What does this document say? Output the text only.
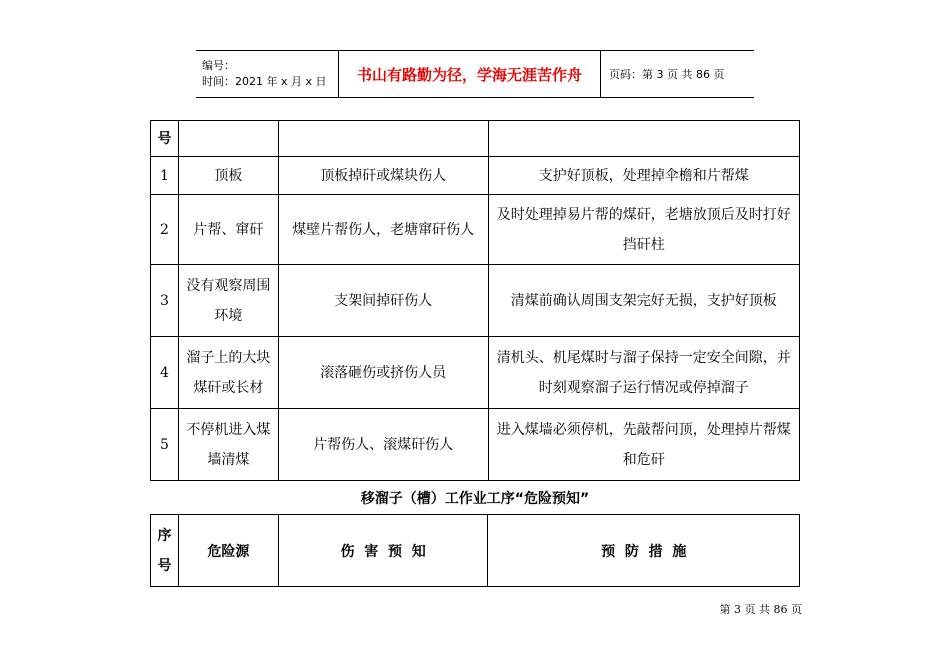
编号：
时间：2021 年 x 月 x 日	书山有路勤为径，学海无涯苦作舟	页码：第 3 页 共 86 页
号			
1	顶板	顶板掉矸或煤块伤人	支护好顶板，处理掉伞檐和片帮煤
2	片帮、窜矸	煤壁片帮伤人，老塘窜矸伤人	及时处理掉易片帮的煤矸，老塘放顶后及时打好挡矸柱
3	没有观察周围环境	支架间掉矸伤人	清煤前确认周围支架完好无损，支护好顶板
4	溜子上的大块煤矸或长材	滚落砸伤或挤伤人员	清机头、机尾煤时与溜子保持一定安全间隙，并时刻观察溜子运行情况或停掉溜子
5	不停机进入煤墙清煤	片帮伤人、滚煤矸伤人	进入煤墙必须停机，先敲帮问顶，处理掉片帮煤和危矸
移溜子（槽）工作业工序“危险预知”
序号	危险源	伤  害  预  知	预  防  措  施
第 3 页 共 86 页
